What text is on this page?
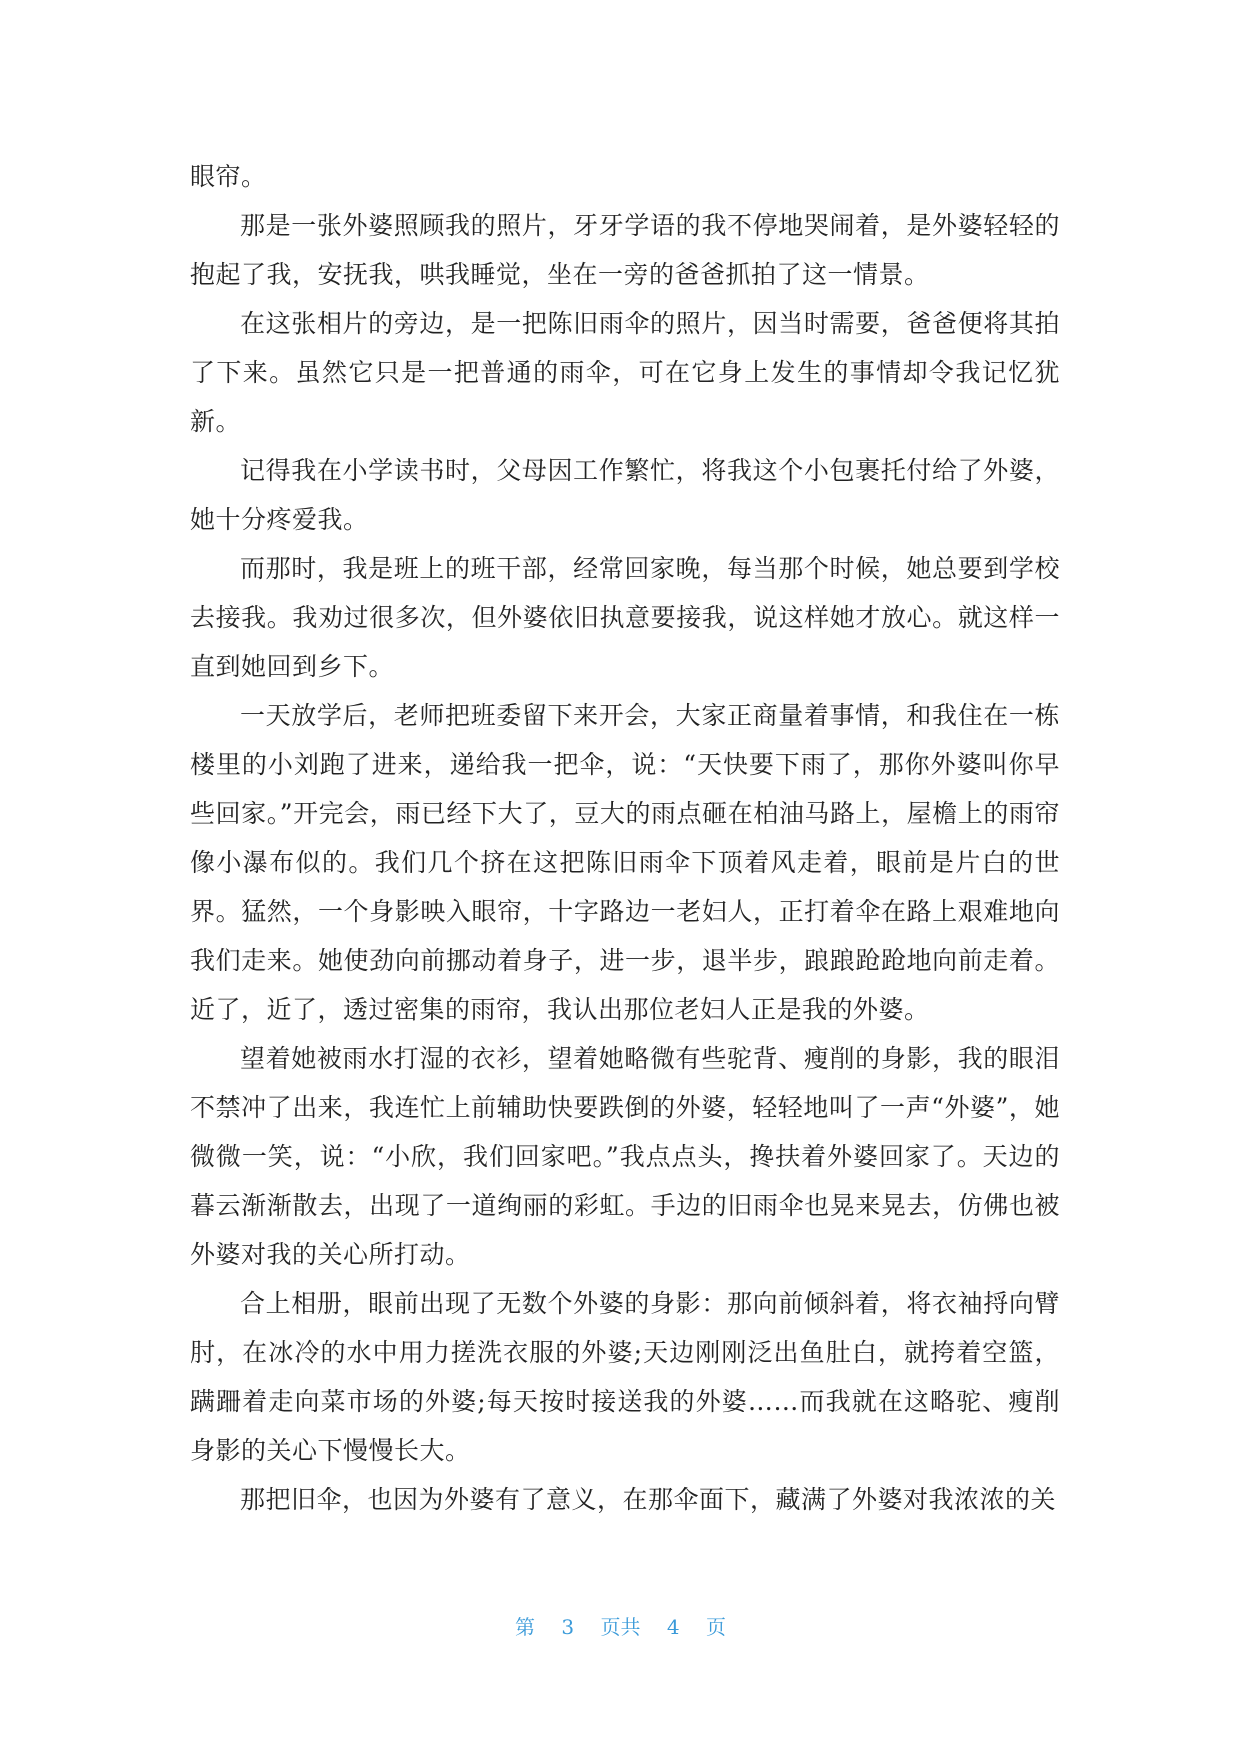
眼帘。

那是一张外婆照顾我的照片，牙牙学语的我不停地哭闹着，是外婆轻轻的抱起了我，安抚我，哄我睡觉，坐在一旁的爸爸抓拍了这一情景。

在这张相片的旁边，是一把陈旧雨伞的照片，因当时需要，爸爸便将其拍了下来。虽然它只是一把普通的雨伞，可在它身上发生的事情却令我记忆犹新。

记得我在小学读书时，父母因工作繁忙，将我这个小包裹托付给了外婆，她十分疼爱我。

而那时，我是班上的班干部，经常回家晚，每当那个时候，她总要到学校去接我。我劝过很多次，但外婆依旧执意要接我，说这样她才放心。就这样一直到她回到乡下。

一天放学后，老师把班委留下来开会，大家正商量着事情，和我住在一栋楼里的小刘跑了进来，递给我一把伞，说：“天快要下雨了，那你外婆叫你早些回家。”开完会，雨已经下大了，豆大的雨点砸在柏油马路上，屋檐上的雨帘像小瀑布似的。我们几个挤在这把陈旧雨伞下顶着风走着，眼前是片白的世界。猛然，一个身影映入眼帘，十字路边一老妇人，正打着伞在路上艰难地向我们走来。她使劲向前挪动着身子，进一步，退半步，踉踉跄跄地向前走着。近了，近了，透过密集的雨帘，我认出那位老妇人正是我的外婆。

望着她被雨水打湿的衣衫，望着她略微有些驼背、瘦削的身影，我的眼泪不禁冲了出来，我连忙上前辅助快要跌倒的外婆，轻轻地叫了一声“外婆”，她微微一笑，说：“小欣，我们回家吧。”我点点头，搀扶着外婆回家了。天边的暮云渐渐散去，出现了一道绚丽的彩虹。手边的旧雨伞也晃来晃去，仿佛也被外婆对我的关心所打动。

合上相册，眼前出现了无数个外婆的身影：那向前倾斜着，将衣袖捋向臂肘，在冰冷的水中用力搓洗衣服的外婆;天边刚刚泛出鱼肚白，就挎着空篮，蹒跚着走向菜市场的外婆;每天按时接送我的外婆……而我就在这略驼、瘦削身影的关心下慢慢长大。

那把旧伞，也因为外婆有了意义，在那伞面下，藏满了外婆对我浓浓的关

第 3 页共 4 页
